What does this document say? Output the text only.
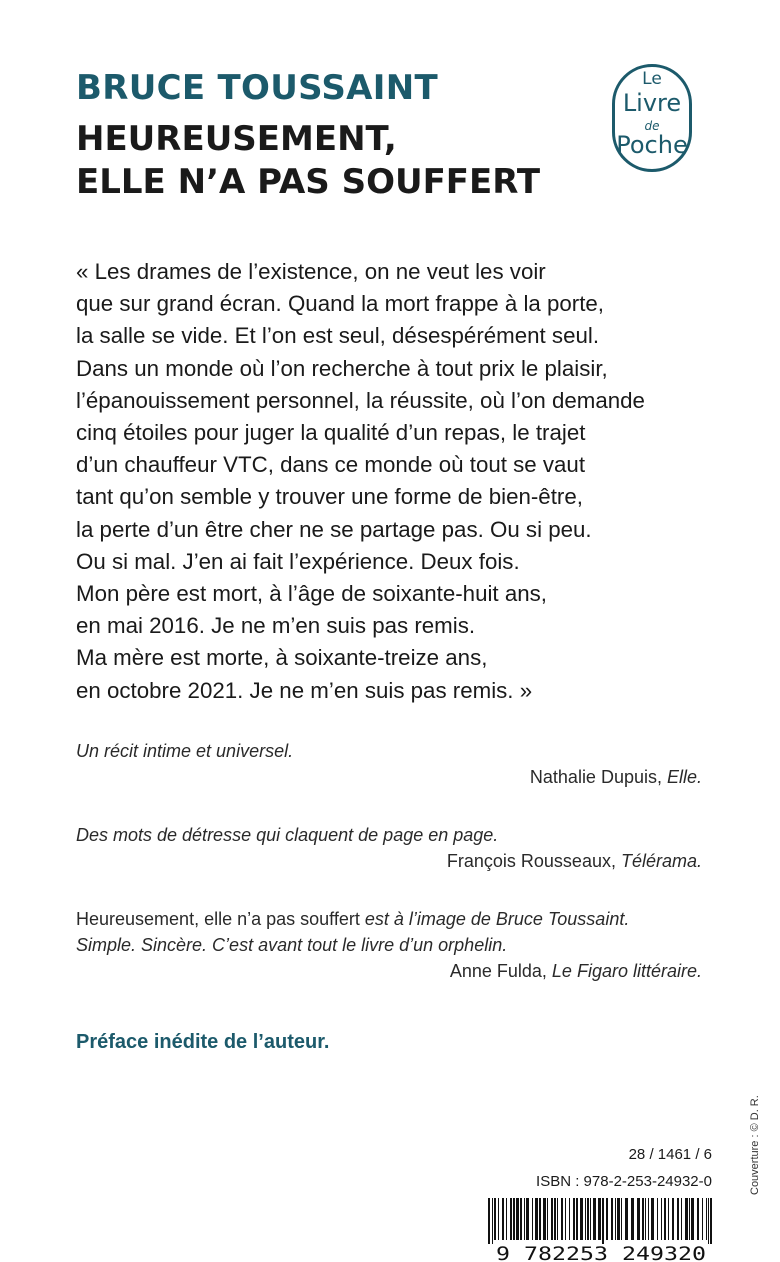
BRUCE TOUSSAINT
HEUREUSEMENT,
ELLE N’A PAS SOUFFERT
Le
Livre
de
Poche
« Les drames de l’existence, on ne veut les voir
que sur grand écran. Quand la mort frappe à la porte,
la salle se vide. Et l’on est seul, désespérément seul.
Dans un monde où l’on recherche à tout prix le plaisir,
l’épanouissement personnel, la réussite, où l’on demande
cinq étoiles pour juger la qualité d’un repas, le trajet
d’un chauffeur VTC, dans ce monde où tout se vaut
tant qu’on semble y trouver une forme de bien-être,
la perte d’un être cher ne se partage pas. Ou si peu.
Ou si mal. J’en ai fait l’expérience. Deux fois.
Mon père est mort, à l’âge de soixante-huit ans,
en mai 2016. Je ne m’en suis pas remis.
Ma mère est morte, à soixante-treize ans,
en octobre 2021. Je ne m’en suis pas remis. »
Un récit intime et universel.
Nathalie Dupuis, Elle.
Des mots de détresse qui claquent de page en page.
François Rousseaux, Télérama.
Heureusement, elle n’a pas souffert est à l’image de Bruce Toussaint.
Simple. Sincère. C’est avant tout le livre d’un orphelin.
Anne Fulda, Le Figaro littéraire.
Préface inédite de l’auteur.
Couverture : © D. R.
28 / 1461 / 6
ISBN : 978-2-253-24932-0
9 782253 249320
